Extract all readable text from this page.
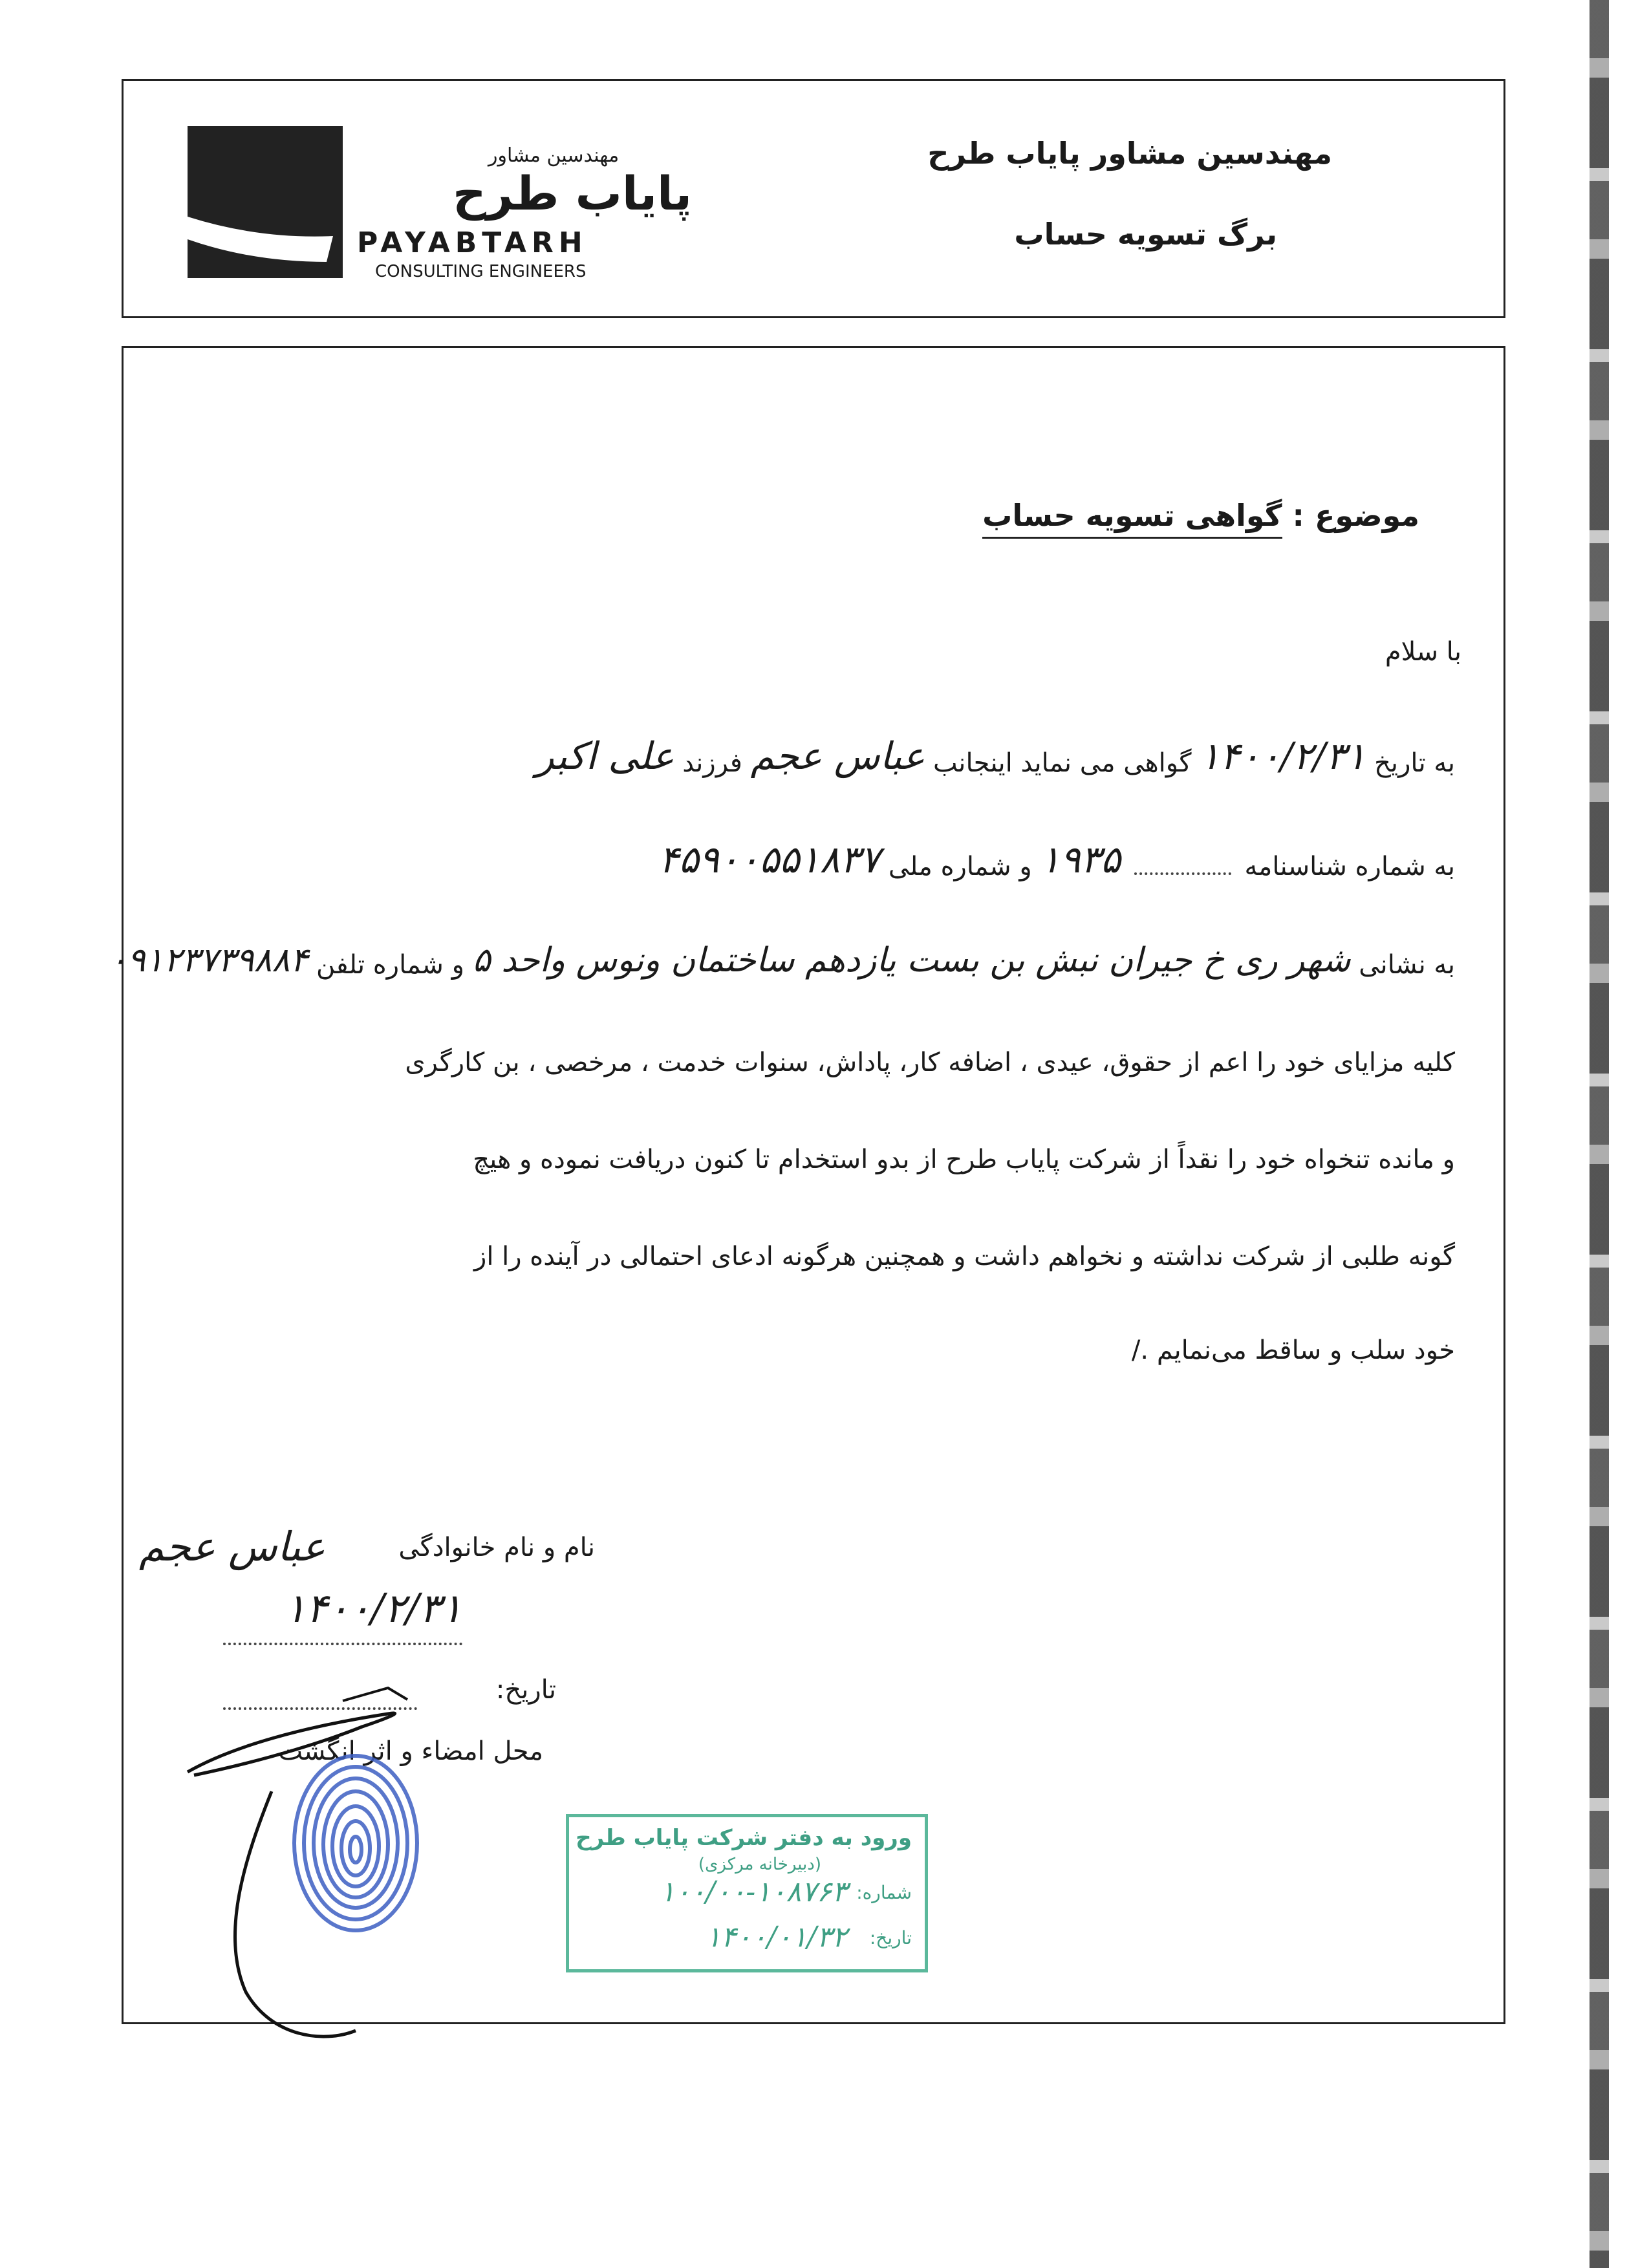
مهندسین مشاور
پایاب طرح
PAYABTARH
CONSULTING ENGINEERS
مهندسین مشاور پایاب طرح
برگ تسویه حساب
موضوع : گواهی تسویه حساب
با سلام
به تاریخ ۱۴۰۰/۲/۳۱ گواهی می نماید اینجانب عباس عجم فرزند علی اکبر
به شماره شناسنامه  ۱۹۳۵ و شماره ملی ۴۵۹۰۰۵۵۱۸۳۷
به نشانی شهر ری خ جیران نبش بن بست یازدهم ساختمان ونوس واحد ۵ و شماره تلفن ۰۹۱۲۳۷۳۹۸۸۴
کلیه مزایای خود را اعم از حقوق، عیدی ، اضافه کار، پاداش، سنوات خدمت ، مرخصی ، بن کارگری
و مانده تنخواه خود را نقداً از شرکت پایاب طرح از بدو استخدام تا کنون دریافت نموده و هیچ
گونه طلبی از شرکت نداشته و نخواهم داشت و همچنین هرگونه ادعای احتمالی در آینده را از
خود سلب و ساقط می‌نمایم ./
نام و نام خانوادگی
عباس عجم
۱۴۰۰/۲/۳۱
تاریخ:
محل امضاء و اثر انگشت
ورود به دفتر شرکت پایاب طرح
(دبیرخانه مرکزی)
شماره:
۱۰۰/۰۰-۱۰۸۷۶۳
تاریخ:
۱۴۰۰/۰۱/۳۲
